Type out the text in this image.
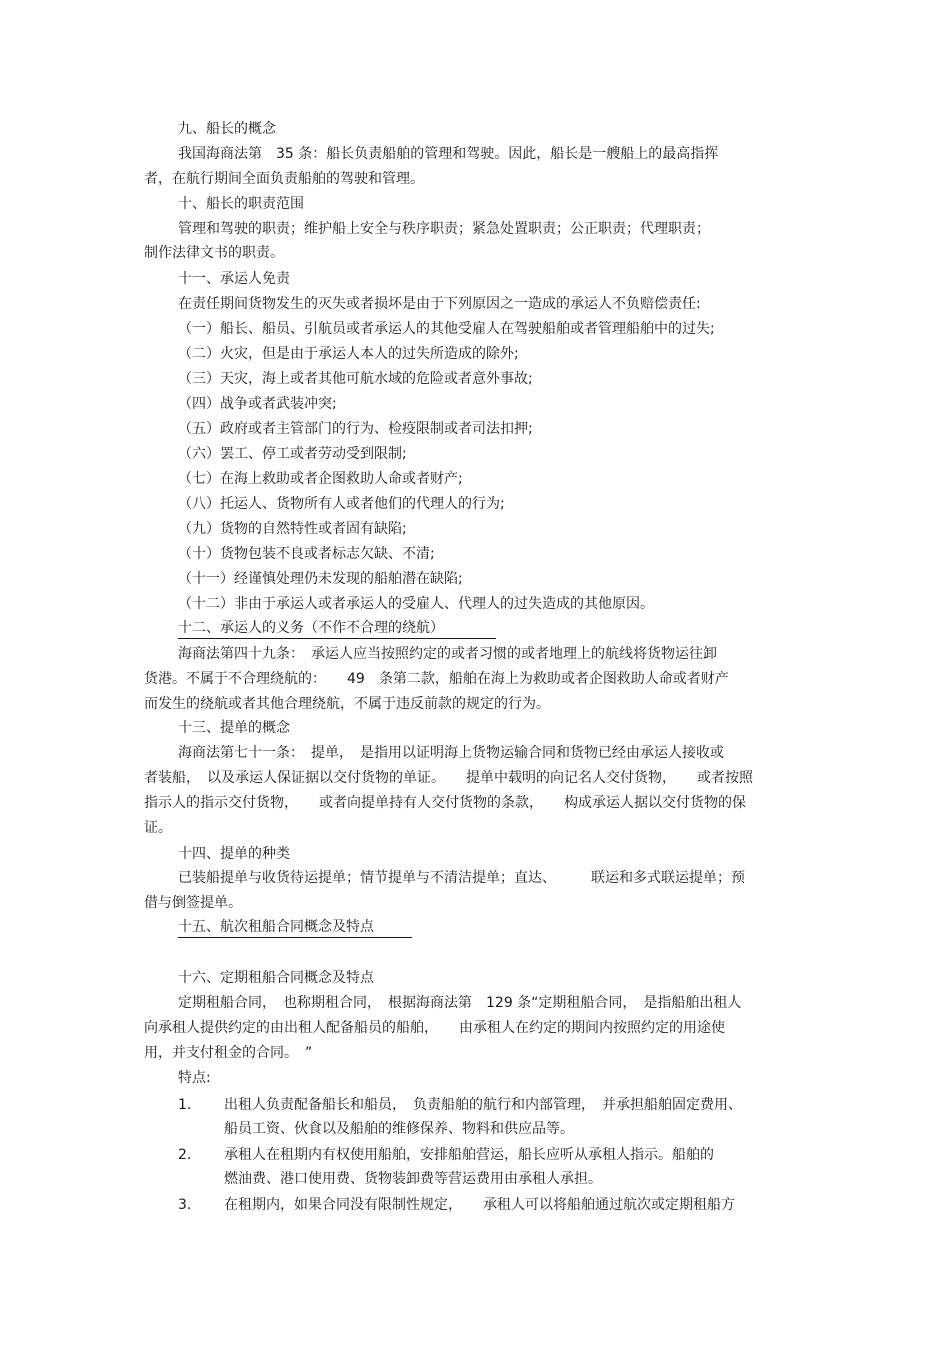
九、船长的概念
我国海商法第　35 条：船长负责船舶的管理和驾驶。因此，船长是一艘船上的最高指挥
者，在航行期间全面负责船舶的驾驶和管理。
十、船长的职责范围
管理和驾驶的职责；维护船上安全与秩序职责；紧急处置职责；公正职责；代理职责；
制作法律文书的职责。
十一、承运人免责
在责任期间货物发生的灭失或者损坏是由于下列原因之一造成的承运人不负赔偿责任:
（一）船长、船员、引航员或者承运人的其他受雇人在驾驶船舶或者管理船舶中的过失;
（二）火灾，但是由于承运人本人的过失所造成的除外;
（三）天灾，海上或者其他可航水域的危险或者意外事故;
（四）战争或者武装冲突;
（五）政府或者主管部门的行为、检疫限制或者司法扣押;
（六）罢工、停工或者劳动受到限制;
（七）在海上救助或者企图救助人命或者财产;
（八）托运人、货物所有人或者他们的代理人的行为;
（九）货物的自然特性或者固有缺陷;
（十）货物包装不良或者标志欠缺、不清;
（十一）经谨慎处理仍未发现的船舶潜在缺陷;
（十二）非由于承运人或者承运人的受雇人、代理人的过失造成的其他原因。
十二、承运人的义务（不作不合理的绕航）
海商法第四十九条：　承运人应当按照约定的或者习惯的或者地理上的航线将货物运往卸
货港。不属于不合理绕航的：　　49　条第二款，船舶在海上为救助或者企图救助人命或者财产
而发生的绕航或者其他合理绕航，不属于违反前款的规定的行为。
十三、提单的概念
海商法第七十一条：　提单，　是指用以证明海上货物运输合同和货物已经由承运人接收或
者装船，　以及承运人保证据以交付货物的单证。　　提单中载明的向记名人交付货物，　　或者按照
指示人的指示交付货物，　　或者向提单持有人交付货物的条款，　　构成承运人据以交付货物的保
证。
十四、提单的种类
已装船提单与收货待运提单；情节提单与不清洁提单；直达、　　　联运和多式联运提单；预
借与倒签提单。
十五、航次租船合同概念及特点
十六、定期租船合同概念及特点
定期租船合同，　也称期租合同，　根据海商法第　129 条“定期租船合同，　是指船舶出租人
向承租人提供约定的由出租人配备船员的船舶，　　由承租人在约定的期间内按照约定的用途使
用，并支付租金的合同。　”
特点:
1. 出租人负责配备船长和船员，　负责船舶的航行和内部管理，　并承担船舶固定费用、
船员工资、伙食以及船舶的维修保养、物料和供应品等。
2. 承租人在租期内有权使用船舶，安排船舶营运，船长应听从承租人指示。船舶的
燃油费、港口使用费、货物装卸费等营运费用由承租人承担。
3. 在租期内，如果合同没有限制性规定，　　承租人可以将船舶通过航次或定期租船方
